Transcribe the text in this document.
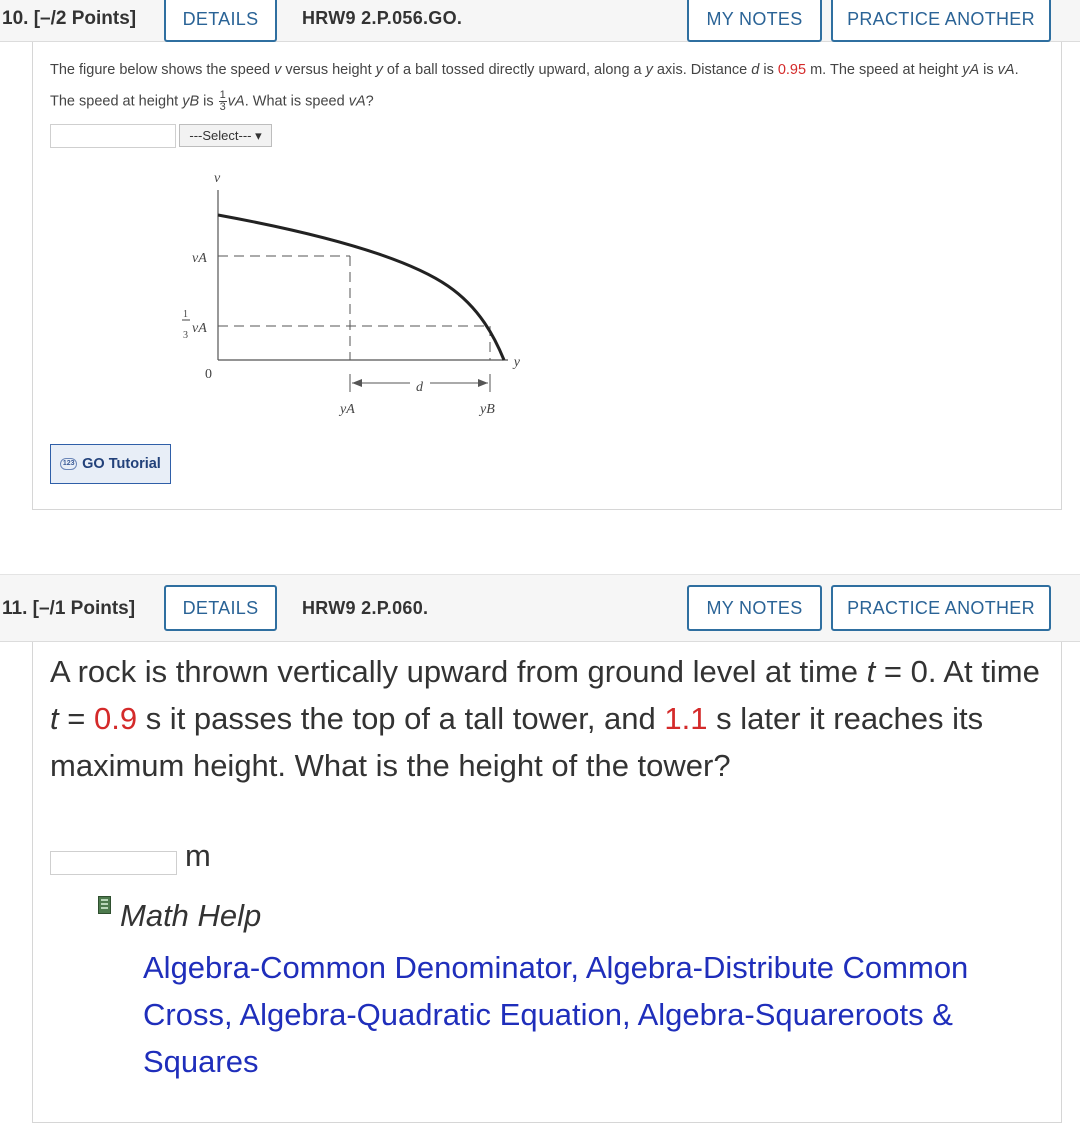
10. [–/2 Points]	DETAILS	HRW9 2.P.056.GO.	MY NOTES	PRACTICE ANOTHER
The figure below shows the speed v versus height y of a ball tossed directly upward, along a y axis. Distance d is 0.95 m. The speed at height yA is vA.
The speed at height yB is $\frac{1}{3}$ vA. What is speed vA?
---Select--- ▾
v
vA
y
yA	yB
d
1
3 vA
0
123 GO Tutorial
11. [–/1 Points]	DETAILS	HRW9 2.P.060.	MY NOTES	PRACTICE ANOTHER
A rock is thrown vertically upward from ground level at time t = 0. At time t = 0.9 s it passes the top of a tall tower, and 1.1 s later it reaches its maximum height. What is the height of the tower?
m
Math Help
Algebra-Common Denominator, Algebra-Distribute Common Cross, Algebra-Quadratic Equation, Algebra-Squareroots & Squares
